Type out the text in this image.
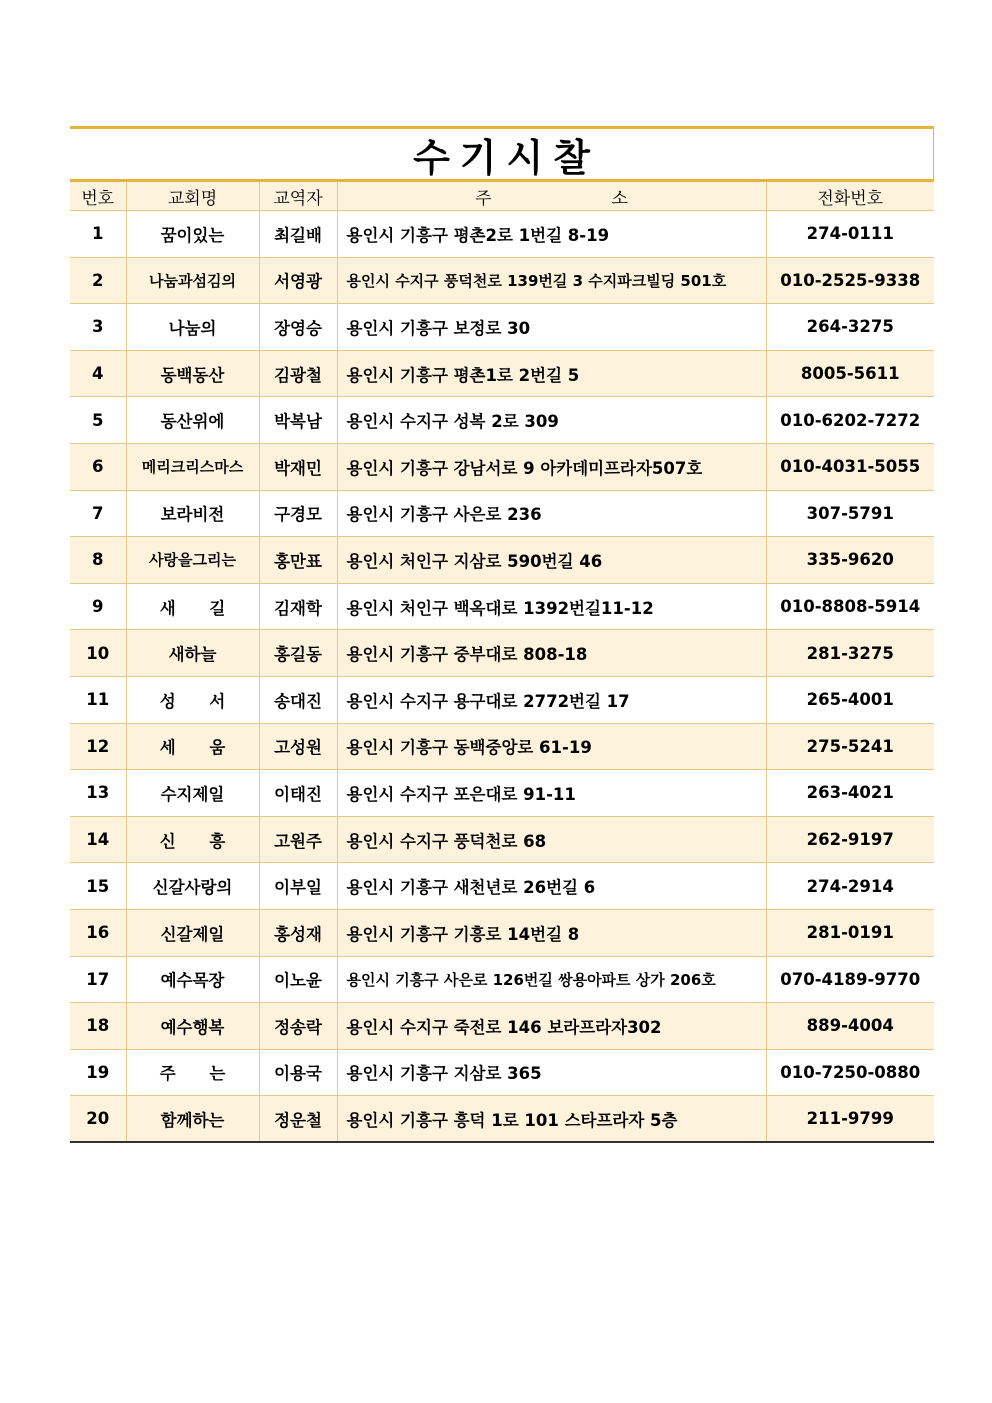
수기시찰
번호	교회명	교역자	주 소	전화번호
1	꿈이있는	최길배	용인시 기흥구 평촌2로 1번길 8-19	274-0111
2	나눔과섬김의	서영광	용인시 수지구 풍덕천로 139번길 3 수지파크빌딩 501호	010-2525-9338
3	나눔의	장영승	용인시 기흥구 보정로 30	264-3275
4	동백동산	김광철	용인시 기흥구 평촌1로 2번길 5	8005-5611
5	동산위에	박복남	용인시 수지구 성복 2로 309	010-6202-7272
6	메리크리스마스	박재민	용인시 기흥구 강남서로 9 아카데미프라자507호	010-4031-5055
7	보라비전	구경모	용인시 기흥구 사은로 236	307-5791
8	사랑을그리는	홍만표	용인시 처인구 지삼로 590번길 46	335-9620
9	새 길	김재학	용인시 처인구 백옥대로 1392번길11-12	010-8808-5914
10	새하늘	홍길동	용인시 기흥구 중부대로 808-18	281-3275
11	성 서	송대진	용인시 수지구 용구대로 2772번길 17	265-4001
12	세 움	고성원	용인시 기흥구 동백중앙로 61-19	275-5241
13	수지제일	이태진	용인시 수지구 포은대로 91-11	263-4021
14	신 흥	고원주	용인시 수지구 풍덕천로 68	262-9197
15	신갈사랑의	이부일	용인시 기흥구 새천년로 26번길 6	274-2914
16	신갈제일	홍성재	용인시 기흥구 기흥로 14번길 8	281-0191
17	예수목장	이노윤	용인시 기흥구 사은로 126번길 쌍용아파트 상가 206호	070-4189-9770
18	예수행복	정송락	용인시 수지구 죽전로 146 보라프라자302	889-4004
19	주 는	이용국	용인시 기흥구 지삼로 365	010-7250-0880
20	함께하는	정운철	용인시 기흥구 흥덕 1로 101 스타프라자 5층	211-9799
